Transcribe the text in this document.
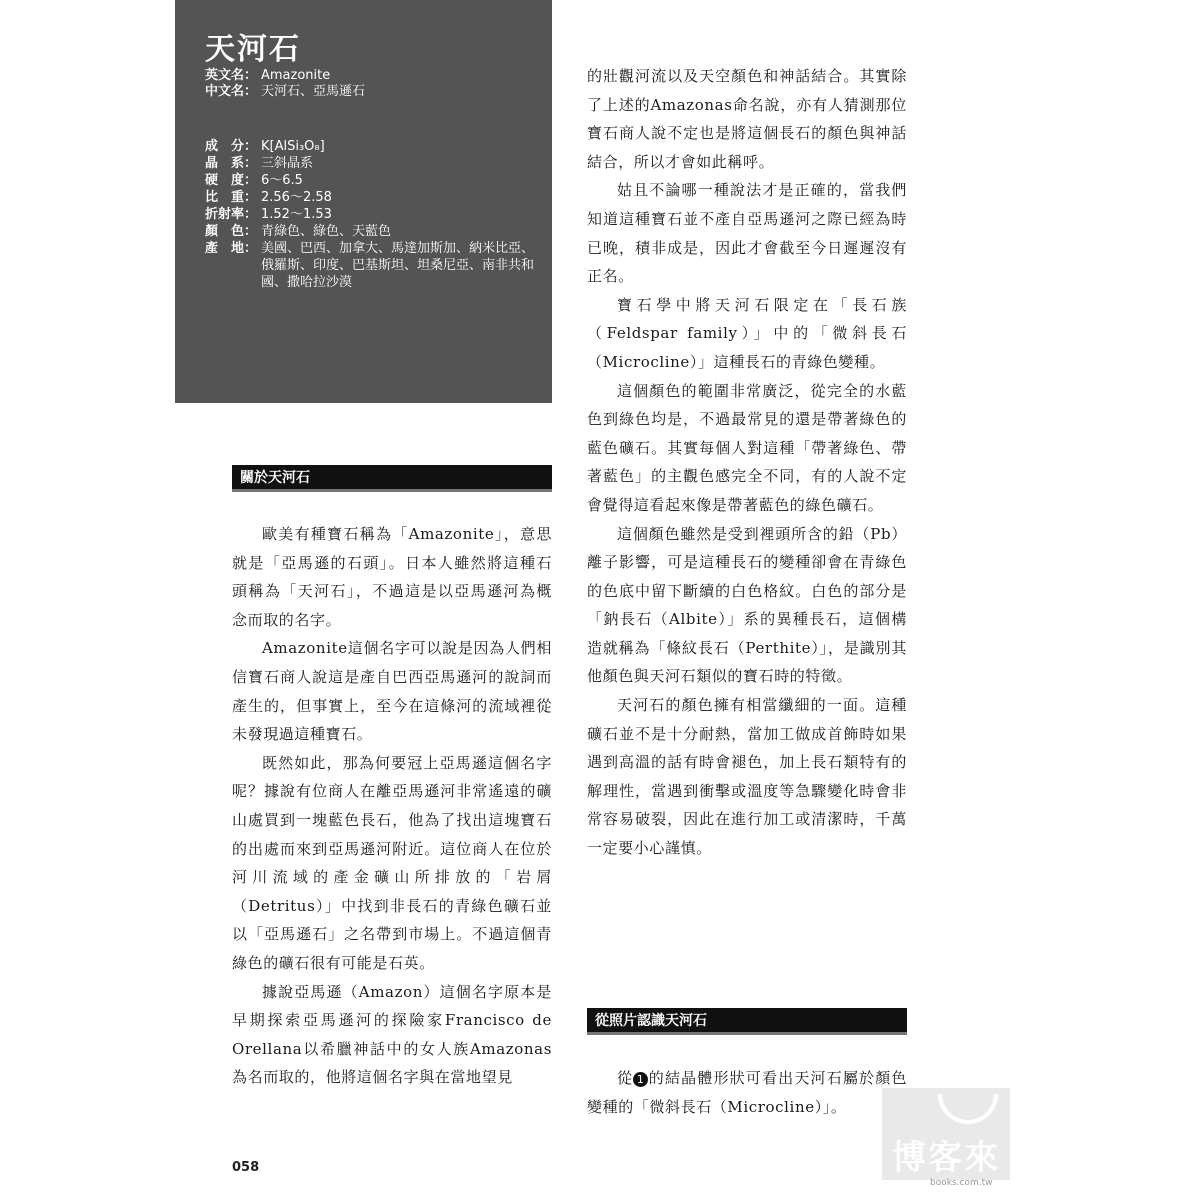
天河石
英文名： Amazonite
中文名： 天河石、亞馬遜石
成　分： K[AlSi₃O₈]
晶　系： 三斜晶系
硬　度： 6～6.5
比　重： 2.56～2.58
折射率： 1.52～1.53
顏　色： 青綠色、綠色、天藍色
產　地： 美國、巴西、加拿大、馬達加斯加、納米比亞、俄羅斯、印度、巴基斯坦、坦桑尼亞、南非共和國、撒哈拉沙漠
關於天河石

歐美有種寶石稱為「Amazonite」，意思就是「亞馬遜的石頭」。日本人雖然將這種石頭稱為「天河石」，不過這是以亞馬遜河為概念而取的名字。

Amazonite這個名字可以說是因為人們相信寶石商人說這是產自巴西亞馬遜河的說詞而產生的，但事實上，至今在這條河的流域裡從未發現過這種寶石。

既然如此，那為何要冠上亞馬遜這個名字呢？據說有位商人在離亞馬遜河非常遙遠的礦山處買到一塊藍色長石，他為了找出這塊寶石的出處而來到亞馬遜河附近。這位商人在位於河川流域的產金礦山所排放的「岩屑（Detritus）」中找到非長石的青綠色礦石並以「亞馬遜石」之名帶到市場上。不過這個青綠色的礦石很有可能是石英。

據說亞馬遜（Amazon）這個名字原本是早期探索亞馬遜河的探險家Francisco de Orellana以希臘神話中的女人族Amazonas為名而取的，他將這個名字與在當地望見

的壯觀河流以及天空顏色和神話結合。其實除了上述的Amazonas命名說，亦有人猜測那位寶石商人說不定也是將這個長石的顏色與神話結合，所以才會如此稱呼。

姑且不論哪一種說法才是正確的，當我們知道這種寶石並不產自亞馬遜河之際已經為時已晚，積非成是，因此才會截至今日遲遲沒有正名。

寶石學中將天河石限定在「長石族（Feldspar family）」中的「微斜長石（Microcline）」這種長石的青綠色變種。

這個顏色的範圍非常廣泛，從完全的水藍色到綠色均是，不過最常見的還是帶著綠色的藍色礦石。其實每個人對這種「帶著綠色、帶著藍色」的主觀色感完全不同，有的人說不定會覺得這看起來像是帶著藍色的綠色礦石。

這個顏色雖然是受到裡頭所含的鉛（Pb）離子影響，可是這種長石的變種卻會在青綠色的色底中留下斷續的白色格紋。白色的部分是「鈉長石（Albite）」系的異種長石，這個構造就稱為「條紋長石（Perthite）」，是識別其他顏色與天河石類似的寶石時的特徵。

天河石的顏色擁有相當纖細的一面。這種礦石並不是十分耐熱，當加工做成首飾時如果遇到高溫的話有時會褪色，加上長石類特有的解理性，當遇到衝擊或溫度等急驟變化時會非常容易破裂，因此在進行加工或清潔時，千萬一定要小心謹慎。

從照片認識天河石

從 1 的結晶體形狀可看出天河石屬於顏色變種的「微斜長石（Microcline）」。

058	博客來
books.com.tw
